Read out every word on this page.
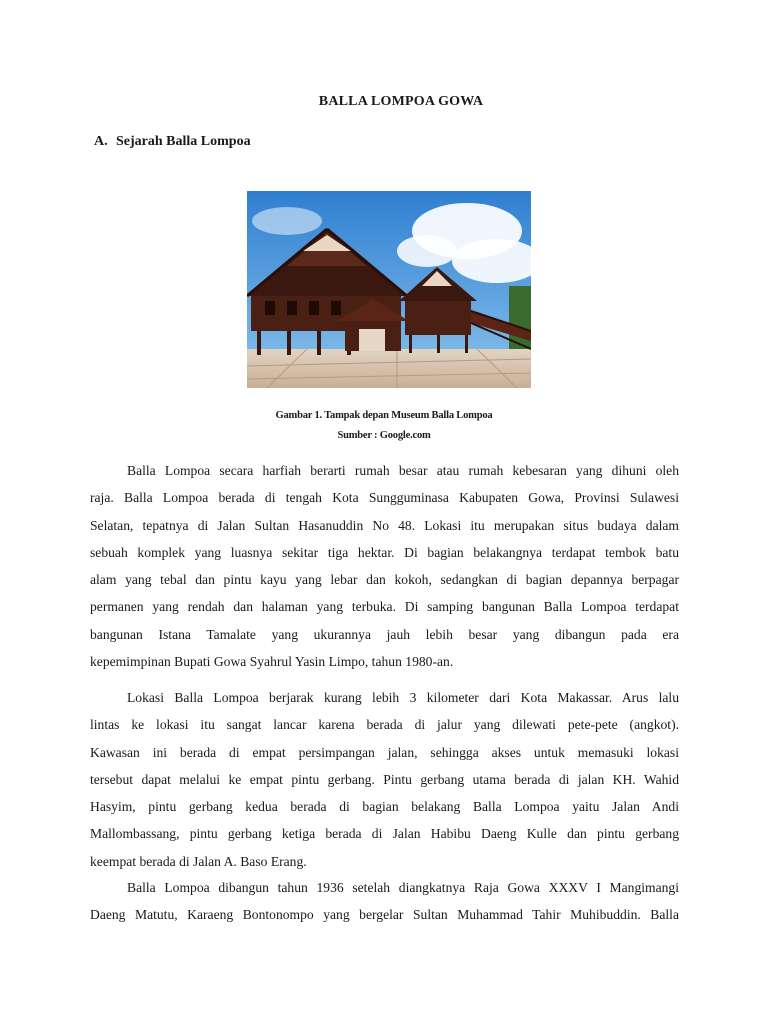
BALLA LOMPOA GOWA
A. Sejarah Balla Lompoa
Gambar 1. Tampak depan Museum Balla Lompoa
Sumber : Google.com
Balla Lompoa secara harfiah berarti rumah besar atau rumah kebesaran yang dihuni oleh
raja. Balla Lompoa berada di tengah Kota Sungguminasa Kabupaten Gowa, Provinsi Sulawesi
Selatan, tepatnya di Jalan Sultan Hasanuddin No 48. Lokasi itu merupakan situs budaya dalam
sebuah komplek yang luasnya sekitar tiga hektar. Di bagian belakangnya terdapat tembok batu
alam yang tebal dan pintu kayu yang lebar dan kokoh, sedangkan di bagian depannya berpagar
permanen yang rendah dan halaman yang terbuka. Di samping bangunan Balla Lompoa terdapat
bangunan Istana Tamalate yang ukurannya jauh lebih besar yang dibangun pada era
kepemimpinan Bupati Gowa Syahrul Yasin Limpo, tahun 1980-an.
Lokasi Balla Lompoa berjarak kurang lebih 3 kilometer dari Kota Makassar. Arus lalu
lintas ke lokasi itu sangat lancar karena berada di jalur yang dilewati pete-pete (angkot).
Kawasan ini berada di empat persimpangan jalan, sehingga akses untuk memasuki lokasi
tersebut dapat melalui ke empat pintu gerbang. Pintu gerbang utama berada di jalan KH. Wahid
Hasyim, pintu gerbang kedua berada di bagian belakang Balla Lompoa yaitu Jalan Andi
Mallombassang, pintu gerbang ketiga berada di Jalan Habibu Daeng Kulle dan pintu gerbang
keempat berada di Jalan A. Baso Erang.
Balla Lompoa dibangun tahun 1936 setelah diangkatnya Raja Gowa XXXV I Mangimangi
Daeng Matutu, Karaeng Bontonompo yang bergelar Sultan Muhammad Tahir Muhibuddin. Balla
